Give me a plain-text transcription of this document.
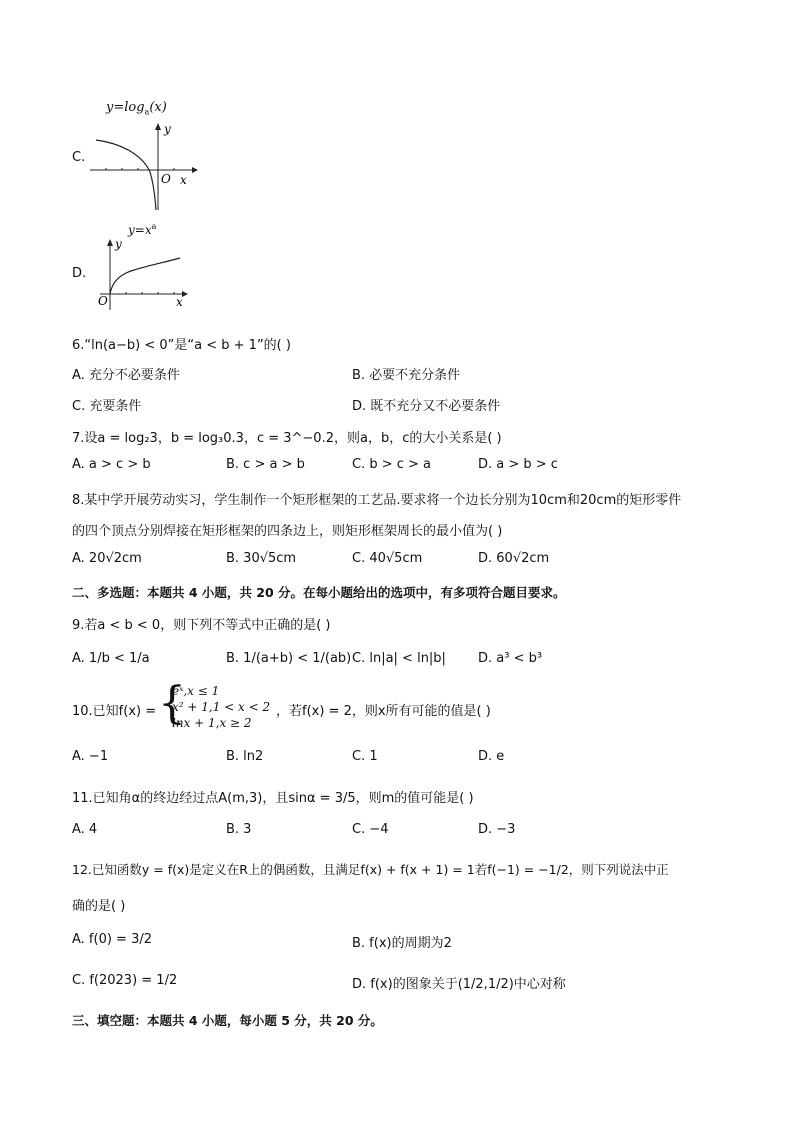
$y=\log_a(x)$
C.
y
x
O
$y=x^a$
D.
y
x
O
6.“ln(a−b) < 0”是“a < b + 1”的( )
A. 充分不必要条件	B. 必要不充分条件
C. 充要条件	D. 既不充分又不必要条件
7.设a = log₂3，b = log₃0.3，c = 3^−0.2，则a，b，c的大小关系是( )
A. a > c > b	B. c > a > b	C. b > c > a	D. a > b > c
8.某中学开展劳动实习，学生制作一个矩形框架的工艺品.要求将一个边长分别为10cm和20cm的矩形零件
的四个顶点分别焊接在矩形框架的四条边上，则矩形框架周长的最小值为( )
A. 20√2cm	B. 30√5cm	C. 40√5cm	D. 60√2cm
二、多选题：本题共 4 小题，共 20 分。在每小题给出的选项中，有多项符合题目要求。
9.若a < b < 0，则下列不等式中正确的是( )
A. 1/b < 1/a	B. 1/(a+b) < 1/(ab) C. ln|a| < ln|b| D. a³ < b³
10.已知f(x) = {
eˣ,x ≤ 1
x² + 1,1 < x < 2
lnx + 1,x ≥ 2
，若f(x) = 2，则x所有可能的值是( )
A. −1	B. ln2	C. 1	D. e
11.已知角α的终边经过点A(m,3)，且sinα = 3/5，则m的值可能是( )
A. 4	B. 3	C. −4	D. −3
12.已知函数y = f(x)是定义在R上的偶函数，且满足f(x) + f(x + 1) = 1若f(−1) = −1/2，则下列说法中正
确的是( )
A. f(0) = 3/2	B. f(x)的周期为2
C. f(2023) = 1/2	D. f(x)的图象关于(1/2,1/2)中心对称
三、填空题：本题共 4 小题，每小题 5 分，共 20 分。
